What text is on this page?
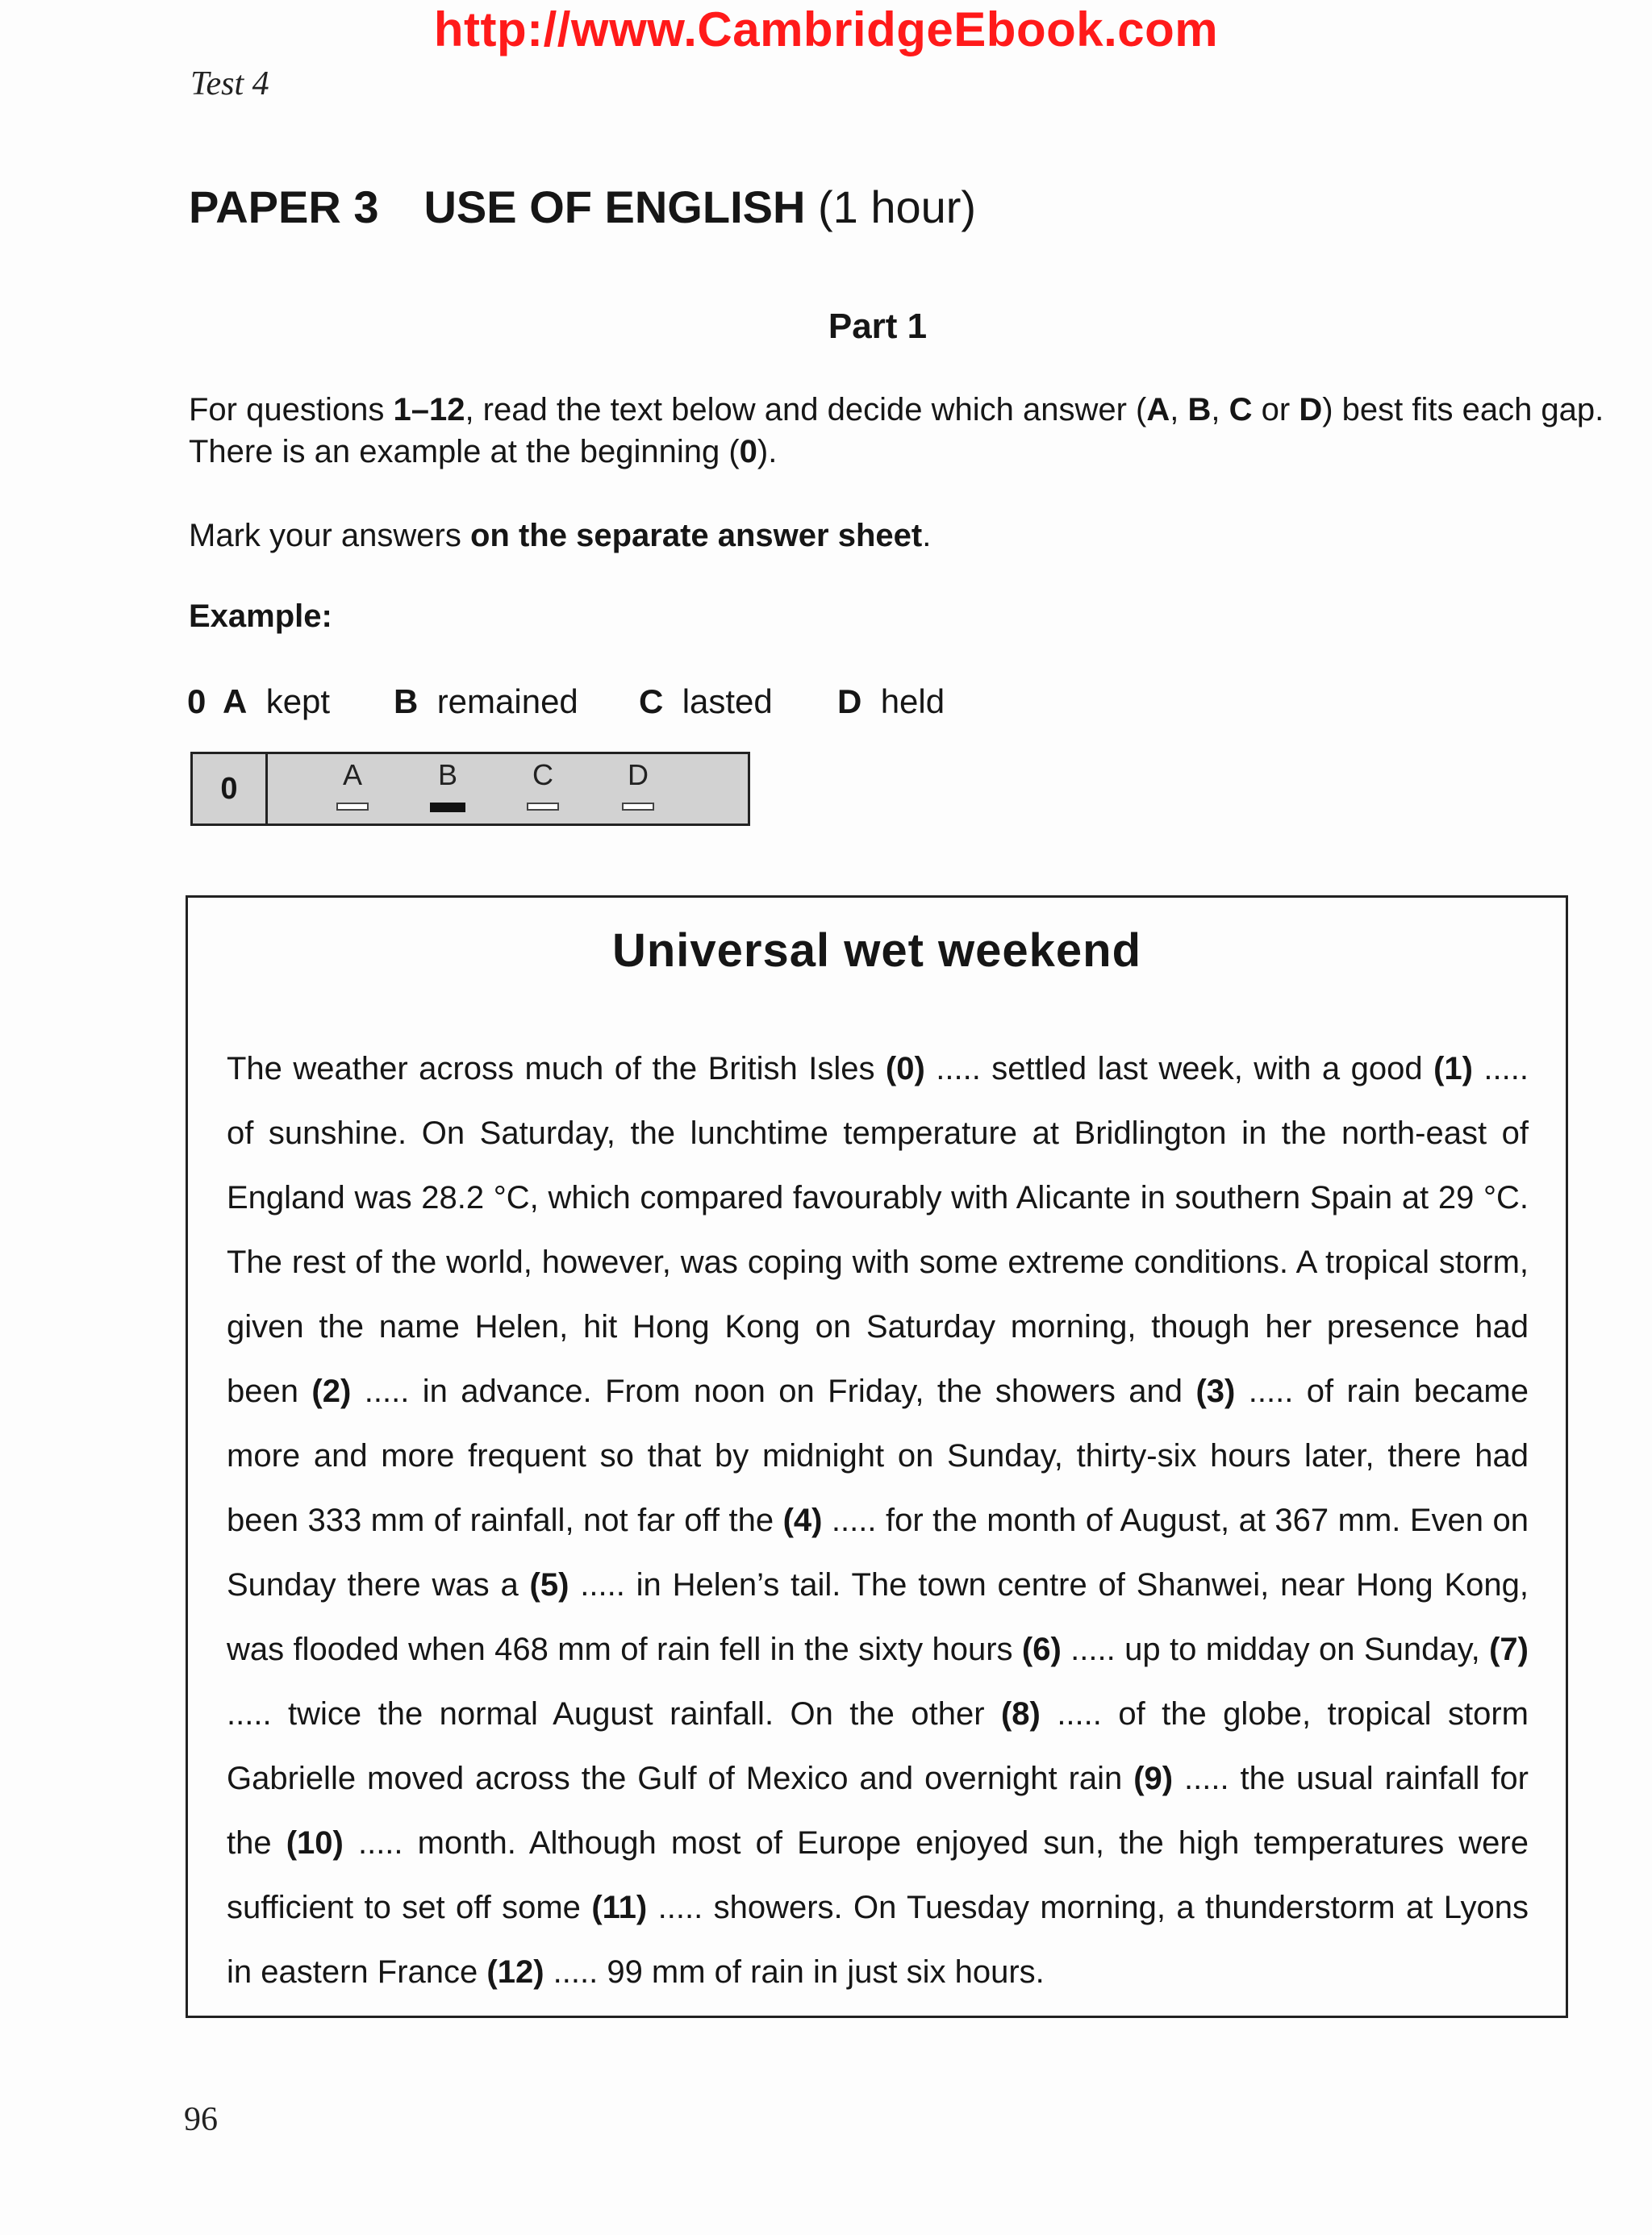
http://www.CambridgeEbook.com
Test 4
PAPER 3 USE OF ENGLISH (1 hour)
Part 1
For questions 1–12, read the text below and decide which answer (A, B, C or D) best fits each gap.
There is an example at the beginning (0).
Mark your answers on the separate answer sheet.
Example:
0 A kept B remained C lasted D held
0	A	B	C	D
Universal wet weekend
The weather across much of the British Isles (0) ..... settled last week, with a good (1) ..... of sunshine. On Saturday, the lunchtime temperature at Bridlington in the north-east of England was 28.2 °C, which compared favourably with Alicante in southern Spain at 29 °C. The rest of the world, however, was coping with some extreme conditions. A tropical storm, given the name Helen, hit Hong Kong on Saturday morning, though her presence had been (2) ..... in advance. From noon on Friday, the showers and (3) ..... of rain became more and more frequent so that by midnight on Sunday, thirty-six hours later, there had been 333 mm of rainfall, not far off the (4) ..... for the month of August, at 367 mm. Even on Sunday there was a (5) ..... in Helen’s tail. The town centre of Shanwei, near Hong Kong, was flooded when 468 mm of rain fell in the sixty hours (6) ..... up to midday on Sunday, (7) ..... twice the normal August rainfall. On the other (8) ..... of the globe, tropical storm Gabrielle moved across the Gulf of Mexico and overnight rain (9) ..... the usual rainfall for the (10) ..... month. Although most of Europe enjoyed sun, the high temperatures were sufficient to set off some (11) ..... showers. On Tuesday morning, a thunderstorm at Lyons in eastern France (12) ..... 99 mm of rain in just six hours.
96
